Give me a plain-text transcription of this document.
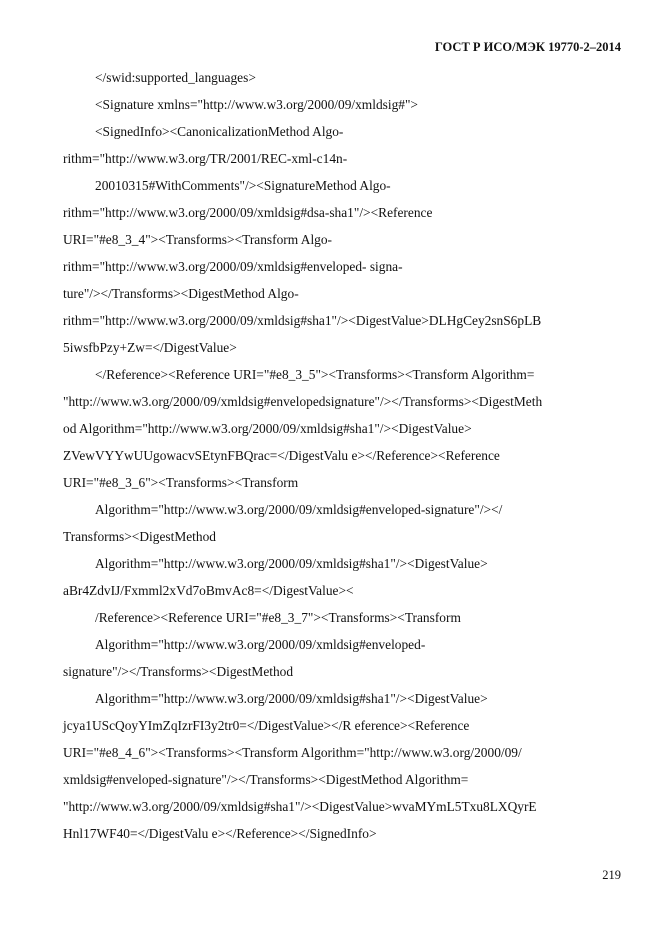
ГОСТ Р ИСО/МЭК 19770-2–2014
</swid:supported_languages>
<Signature xmlns="http://www.w3.org/2000/09/xmldsig#">
<SignedInfo><CanonicalizationMethod Algo-
rithm="http://www.w3.org/TR/2001/REC-xml-c14n-
20010315#WithComments"/><SignatureMethod Algo-
rithm="http://www.w3.org/2000/09/xmldsig#dsa-sha1"/><Reference
URI="#e8_3_4"><Transforms><Transform Algo-
rithm="http://www.w3.org/2000/09/xmldsig#enveloped- signa-
ture"/></Transforms><DigestMethod Algo-
rithm="http://www.w3.org/2000/09/xmldsig#sha1"/><DigestValue>DLHgCey2snS6pLB
5iwsfbPzy+Zw=</DigestValue>
</Reference><Reference URI="#e8_3_5"><Transforms><Transform Algorithm=
"http://www.w3.org/2000/09/xmldsig#envelopedsignature"/></Transforms><DigestMeth
od Algorithm="http://www.w3.org/2000/09/xmldsig#sha1"/><DigestValue>
ZVewVYYwUUgowacvSEtynFBQrac=</DigestValu e></Reference><Reference
URI="#e8_3_6"><Transforms><Transform
Algorithm="http://www.w3.org/2000/09/xmldsig#enveloped-signature"/></
Transforms><DigestMethod
Algorithm="http://www.w3.org/2000/09/xmldsig#sha1"/><DigestValue>
aBr4ZdvIJ/Fxmml2xVd7oBmvAc8=</DigestValue><
/Reference><Reference URI="#e8_3_7"><Transforms><Transform
Algorithm="http://www.w3.org/2000/09/xmldsig#enveloped-
signature"/></Transforms><DigestMethod
Algorithm="http://www.w3.org/2000/09/xmldsig#sha1"/><DigestValue>
jcya1UScQoyYImZqIzrFI3y2tr0=</DigestValue></R eference><Reference
URI="#e8_4_6"><Transforms><Transform Algorithm="http://www.w3.org/2000/09/
xmldsig#enveloped-signature"/></Transforms><DigestMethod Algorithm=
"http://www.w3.org/2000/09/xmldsig#sha1"/><DigestValue>wvaMYmL5Txu8LXQyrE
Hnl17WF40=</DigestValu e></Reference></SignedInfo>
219
